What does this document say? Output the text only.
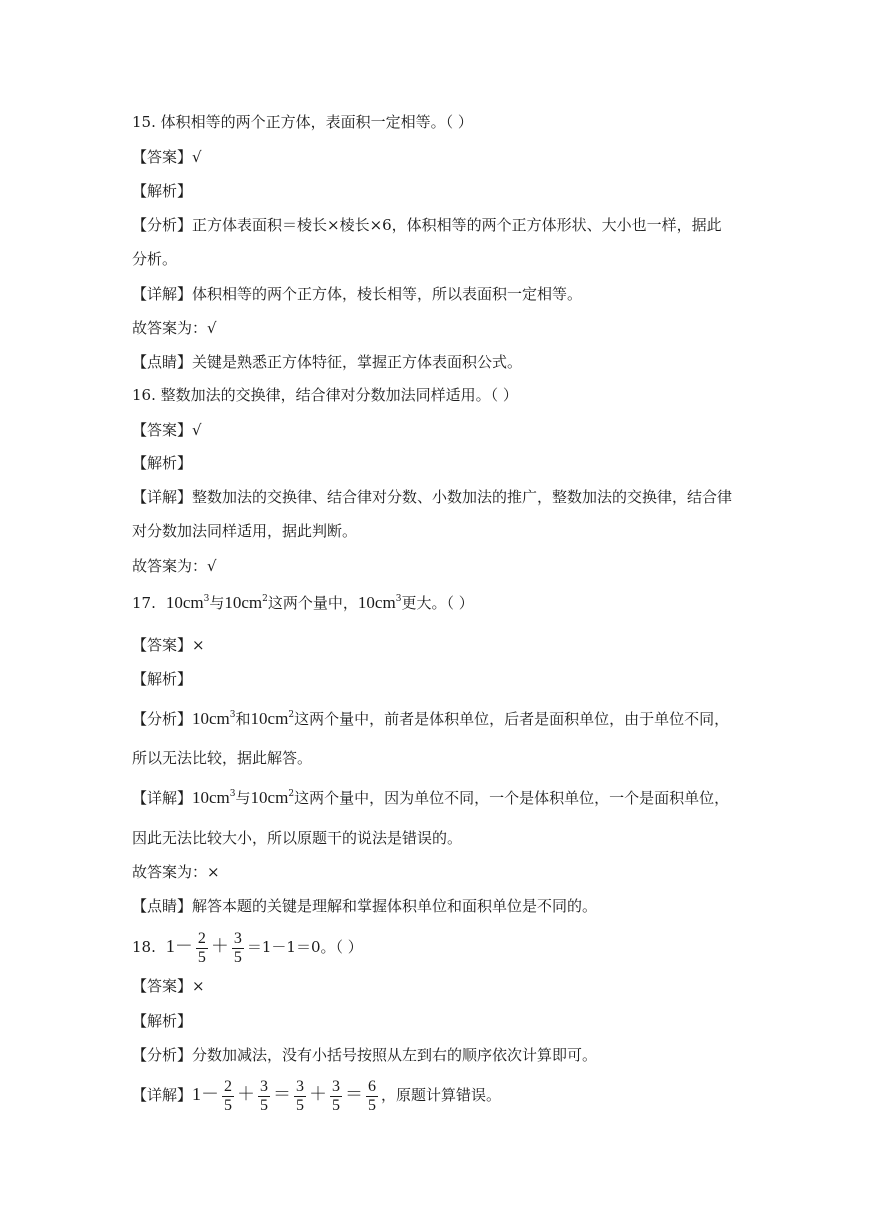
15. 体积相等的两个正方体，表面积一定相等。（ ）
【答案】√
【解析】
【分析】正方体表面积＝棱长×棱长×6，体积相等的两个正方体形状、大小也一样，据此
分析。
【详解】体积相等的两个正方体，棱长相等，所以表面积一定相等。
故答案为：√
【点睛】关键是熟悉正方体特征，掌握正方体表面积公式。
16. 整数加法的交换律，结合律对分数加法同样适用。（ ）
【答案】√
【解析】
【详解】整数加法的交换律、结合律对分数、小数加法的推广，整数加法的交换律，结合律
对分数加法同样适用，据此判断。
故答案为：√
17. $10cm^3$与$10cm^2$这两个量中，$10cm^3$更大。（ ）
【答案】×
【解析】
【分析】$10cm^3$和$10cm^2$这两个量中，前者是体积单位，后者是面积单位，由于单位不同，
所以无法比较，据此解答。
【详解】$10cm^3$与$10cm^2$这两个量中，因为单位不同，一个是体积单位，一个是面积单位，
因此无法比较大小，所以原题干的说法是错误的。
故答案为：×
【点睛】解答本题的关键是理解和掌握体积单位和面积单位是不同的。
18. $1- \frac{2}{5} + \frac{3}{5} =1-1=0$。（ ）
【答案】×
【解析】
【分析】分数加减法，没有小括号按照从左到右的顺序依次计算即可。
【详解】$1- \frac{2}{5} + \frac{3}{5} = \frac{3}{5} + \frac{3}{5} = \frac{6}{5}$ ，原题计算错误。
